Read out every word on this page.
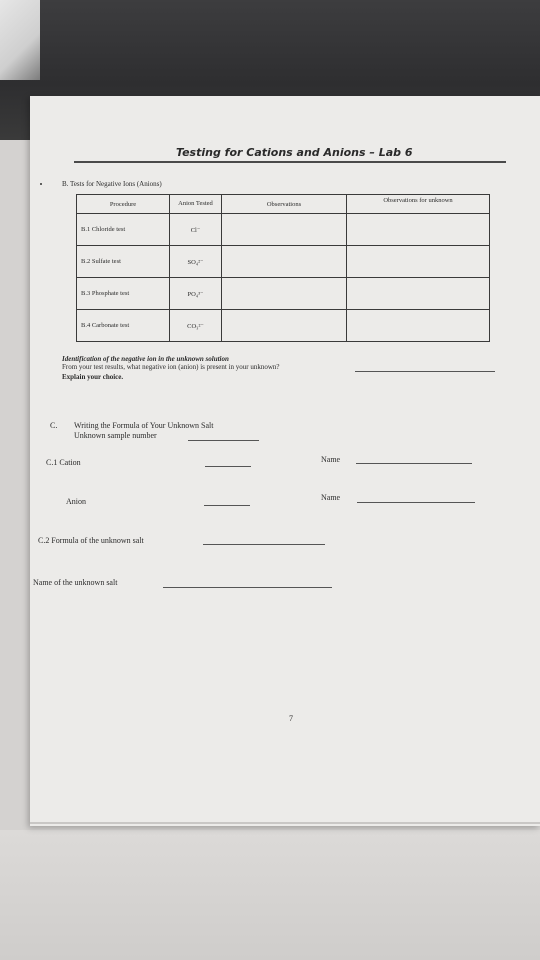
Testing for Cations and Anions – Lab 6
B. Tests for Negative Ions (Anions)
Procedure	Anion Tested	Observations	Observations for unknown
B.1 Chloride test	Cl⁻		
B.2 Sulfate test	SO₄²⁻		
B.3 Phosphate test	PO₄³⁻		
B.4 Carbonate test	CO₃²⁻		
Identification of the negative ion in the unknown solution
From your test results, what negative ion (anion) is present in your unknown?
Explain your choice.
C. Writing the Formula of Your Unknown Salt
Unknown sample number
C.1 Cation	Name
Anion	Name
C.2 Formula of the unknown salt
Name of the unknown salt
7
